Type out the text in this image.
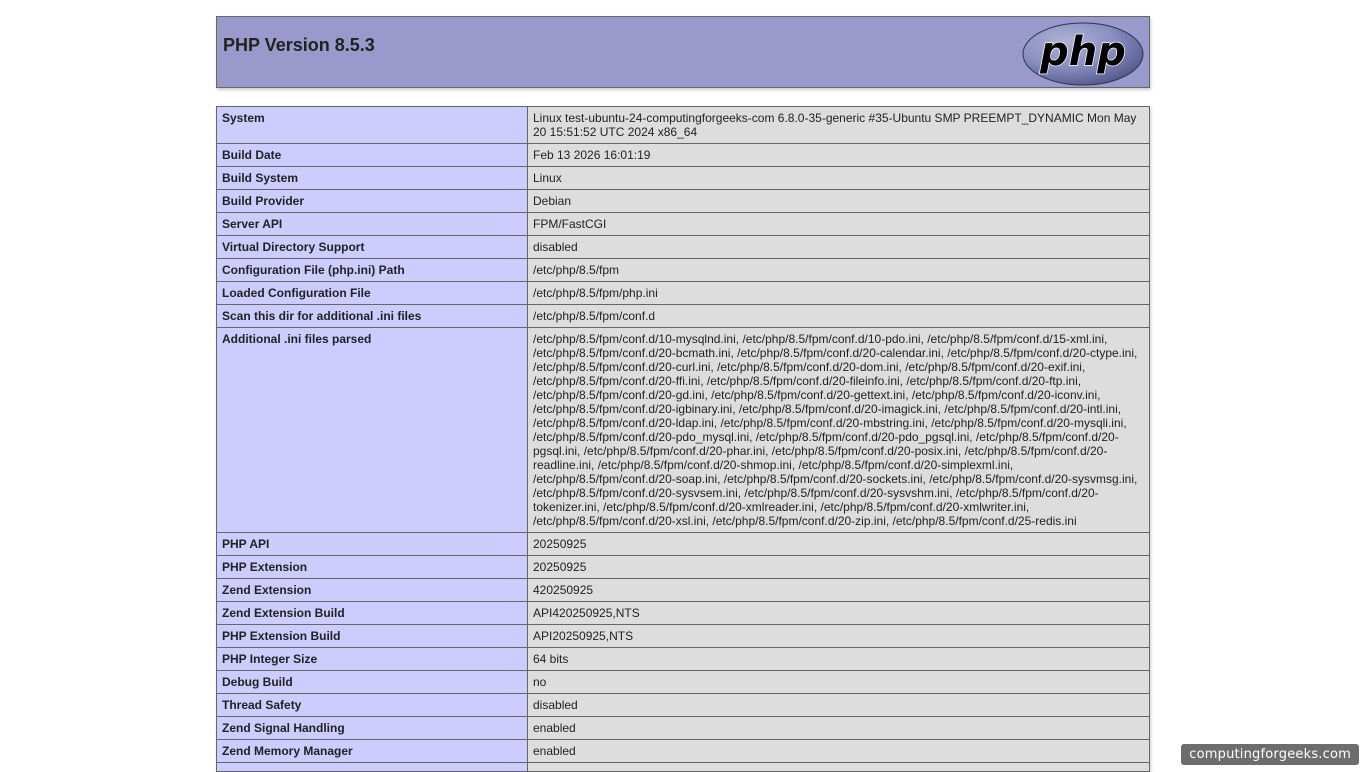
PHP Version 8.5.3	php
System	Linux test-ubuntu-24-computingforgeeks-com 6.8.0-35-generic #35-Ubuntu SMP PREEMPT_DYNAMIC Mon May 20 15:51:52 UTC 2024 x86_64
Build Date	Feb 13 2026 16:01:19
Build System	Linux
Build Provider	Debian
Server API	FPM/FastCGI
Virtual Directory Support	disabled
Configuration File (php.ini) Path	/etc/php/8.5/fpm
Loaded Configuration File	/etc/php/8.5/fpm/php.ini
Scan this dir for additional .ini files	/etc/php/8.5/fpm/conf.d
Additional .ini files parsed	/etc/php/8.5/fpm/conf.d/10-mysqlnd.ini, /etc/php/8.5/fpm/conf.d/10-pdo.ini, /etc/php/8.5/fpm/conf.d/15-xml.ini, /etc/php/8.5/fpm/conf.d/20-bcmath.ini, /etc/php/8.5/fpm/conf.d/20-calendar.ini, /etc/php/8.5/fpm/conf.d/20-ctype.ini, /etc/php/8.5/fpm/conf.d/20-curl.ini, /etc/php/8.5/fpm/conf.d/20-dom.ini, /etc/php/8.5/fpm/conf.d/20-exif.ini, /etc/php/8.5/fpm/conf.d/20-ffi.ini, /etc/php/8.5/fpm/conf.d/20-fileinfo.ini, /etc/php/8.5/fpm/conf.d/20-ftp.ini, /etc/php/8.5/fpm/conf.d/20-gd.ini, /etc/php/8.5/fpm/conf.d/20-gettext.ini, /etc/php/8.5/fpm/conf.d/20-iconv.ini, /etc/php/8.5/fpm/conf.d/20-igbinary.ini, /etc/php/8.5/fpm/conf.d/20-imagick.ini, /etc/php/8.5/fpm/conf.d/20-intl.ini, /etc/php/8.5/fpm/conf.d/20-ldap.ini, /etc/php/8.5/fpm/conf.d/20-mbstring.ini, /etc/php/8.5/fpm/conf.d/20-mysqli.ini, /etc/php/8.5/fpm/conf.d/20-pdo_mysql.ini, /etc/php/8.5/fpm/conf.d/20-pdo_pgsql.ini, /etc/php/8.5/fpm/conf.d/20-pgsql.ini, /etc/php/8.5/fpm/conf.d/20-phar.ini, /etc/php/8.5/fpm/conf.d/20-posix.ini, /etc/php/8.5/fpm/conf.d/20-readline.ini, /etc/php/8.5/fpm/conf.d/20-shmop.ini, /etc/php/8.5/fpm/conf.d/20-simplexml.ini, /etc/php/8.5/fpm/conf.d/20-soap.ini, /etc/php/8.5/fpm/conf.d/20-sockets.ini, /etc/php/8.5/fpm/conf.d/20-sysvmsg.ini, /etc/php/8.5/fpm/conf.d/20-sysvsem.ini, /etc/php/8.5/fpm/conf.d/20-sysvshm.ini, /etc/php/8.5/fpm/conf.d/20-tokenizer.ini, /etc/php/8.5/fpm/conf.d/20-xmlreader.ini, /etc/php/8.5/fpm/conf.d/20-xmlwriter.ini, /etc/php/8.5/fpm/conf.d/20-xsl.ini, /etc/php/8.5/fpm/conf.d/20-zip.ini, /etc/php/8.5/fpm/conf.d/25-redis.ini
PHP API	20250925
PHP Extension	20250925
Zend Extension	420250925
Zend Extension Build	API420250925,NTS
PHP Extension Build	API20250925,NTS
PHP Integer Size	64 bits
Debug Build	no
Thread Safety	disabled
Zend Signal Handling	enabled
Zend Memory Manager	enabled
		computingforgeeks.com
